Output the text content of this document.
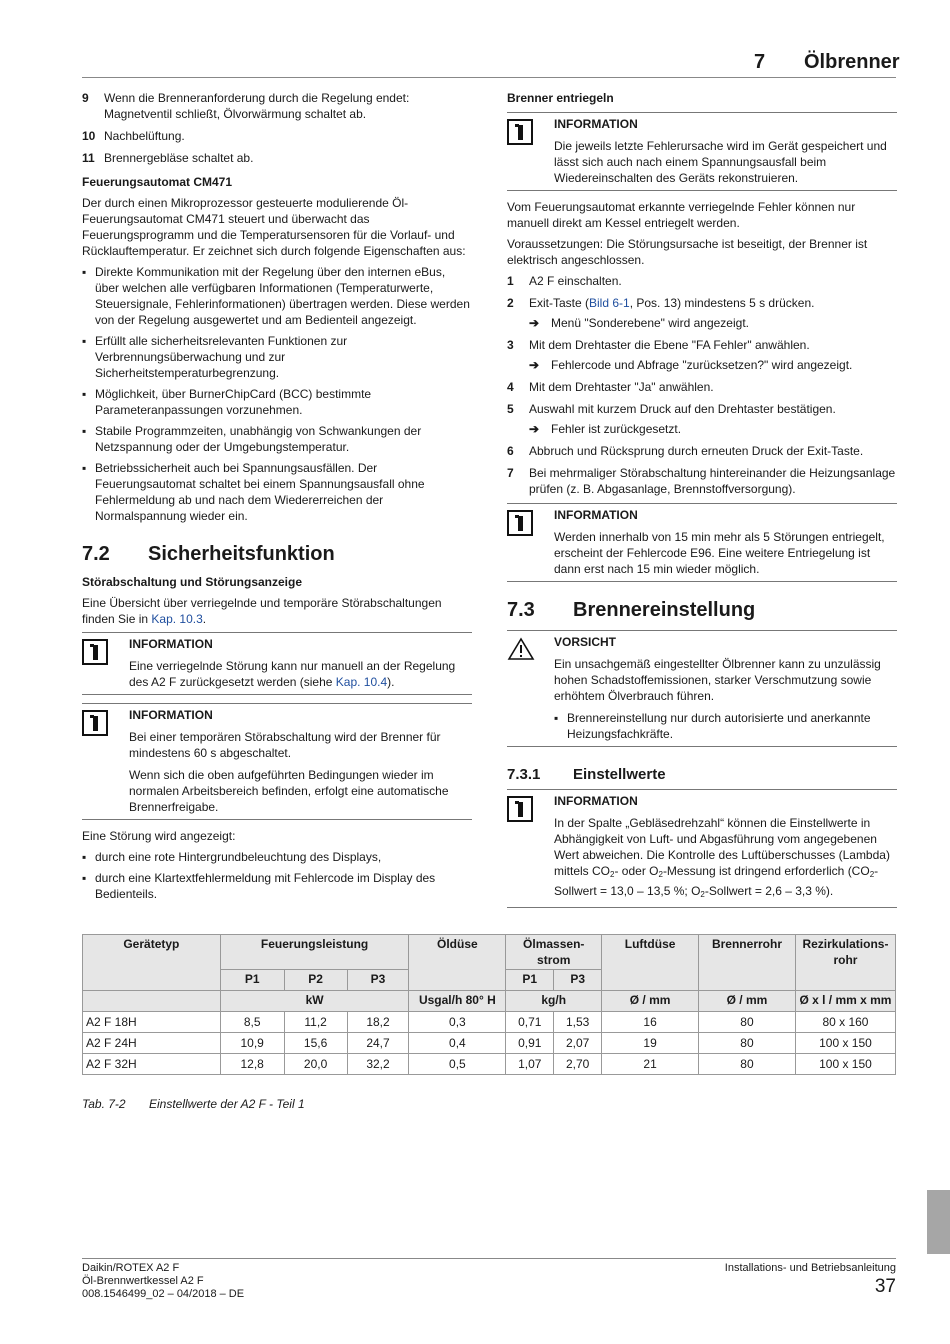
7 Ölbrenner
9	Wenn die Brenneranforderung durch die Regelung endet: Magnetventil schließt, Ölvorwärmung schaltet ab.
10 Nachbelüftung.
11 Brennergebläse schaltet ab.
Feuerungsautomat CM471
Der durch einen Mikroprozessor gesteuerte modulierende Öl-Feuerungsautomat CM471 steuert und überwacht das Feuerungsprogramm und die Temperatursensoren für die Vorlauf- und Rücklauftemperatur. Er zeichnet sich durch folgende Eigenschaften aus:
▪ Direkte Kommunikation mit der Regelung über den internen eBus, über welchen alle verfügbaren Informationen (Temperaturwerte, Steuersignale, Fehlerinformationen) übertragen werden. Diese werden von der Regelung ausgewertet und am Bedienteil angezeigt.
▪ Erfüllt alle sicherheitsrelevanten Funktionen zur Verbrennungsüberwachung und zur Sicherheitstemperaturbegrenzung.
▪ Möglichkeit, über BurnerChipCard (BCC) bestimmte Parameteranpassungen vorzunehmen.
▪ Stabile Programmzeiten, unabhängig von Schwankungen der Netzspannung oder der Umgebungstemperatur.
▪ Betriebssicherheit auch bei Spannungsausfällen. Der Feuerungsautomat schaltet bei einem Spannungsausfall ohne Fehlermeldung ab und nach dem Wiedererreichen der Normalspannung wieder ein.
7.2	Sicherheitsfunktion
Störabschaltung und Störungsanzeige
Eine Übersicht über verriegelnde und temporäre Störabschaltungen finden Sie in Kap. 10.3.
INFORMATION
Eine verriegelnde Störung kann nur manuell an der Regelung des A2 F zurückgesetzt werden (siehe Kap. 10.4).
INFORMATION
Bei einer temporären Störabschaltung wird der Brenner für mindestens 60 s abgeschaltet.
Wenn sich die oben aufgeführten Bedingungen wieder im normalen Arbeitsbereich befinden, erfolgt eine automatische Brennerfreigabe.
Eine Störung wird angezeigt:
▪ durch eine rote Hintergrundbeleuchtung des Displays,
▪ durch eine Klartextfehlermeldung mit Fehlercode im Display des Bedienteils.
Brenner entriegeln
INFORMATION
Die jeweils letzte Fehlerursache wird im Gerät gespeichert und lässt sich auch nach einem Spannungsausfall beim Wiedereinschalten des Geräts rekonstruieren.
Vom Feuerungsautomat erkannte verriegelnde Fehler können nur manuell direkt am Kessel entriegelt werden.
Voraussetzungen: Die Störungsursache ist beseitigt, der Brenner ist elektrisch angeschlossen.
1	A2 F einschalten.
2	Exit-Taste (Bild 6-1, Pos. 13) mindestens 5 s drücken.
➔ Menü "Sonderebene" wird angezeigt.
3	Mit dem Drehtaster die Ebene "FA Fehler" anwählen.
➔ Fehlercode und Abfrage "zurücksetzen?" wird angezeigt.
4	Mit dem Drehtaster "Ja" anwählen.
5	Auswahl mit kurzem Druck auf den Drehtaster bestätigen.
➔ Fehler ist zurückgesetzt.
6	Abbruch und Rücksprung durch erneuten Druck der Exit-Taste.
7	Bei mehrmaliger Störabschaltung hintereinander die Heizungsanlage prüfen (z. B. Abgasanlage, Brennstoffversorgung).
INFORMATION
Werden innerhalb von 15 min mehr als 5 Störungen entriegelt, erscheint der Fehlercode E96. Eine weitere Entriegelung ist dann erst nach 15 min wieder möglich.
7.3	Brennereinstellung
VORSICHT
Ein unsachgemäß eingestellter Ölbrenner kann zu unzulässig hohen Schadstoffemissionen, starker Verschmutzung sowie erhöhtem Ölverbrauch führen.
▪ Brennereinstellung nur durch autorisierte und anerkannte Heizungsfachkräfte.
7.3.1	Einstellwerte
INFORMATION
In der Spalte „Gebläsedrehzahl“ können die Einstellwerte in Abhängigkeit von Luft- und Abgasführung vom angegebenen Wert abweichen. Die Kontrolle des Luftüberschusses (Lambda) mittels $CO_2-$ oder $O_2$-Messung ist dringend erforderlich ($CO_2$-Sollwert = 13,0 – 13,5 %; $O_2$-Sollwert = 2,6 – 3,3 %).
Gerätetyp	Feuerungsleistung			Öldüse	Ölmassen-strom		Luftdüse	Brennerrohr	Rezirkulations-rohr
	P1	P2	P3		P1	P3			
	kW			Usgal/h 80° H	kg/h		Ø / mm	Ø / mm	Ø x l / mm x mm
A2 F 18H	8,5	11,2	18,2	0,3	0,71	1,53	16	80	80 x 160
A2 F 24H	10,9	15,6	24,7	0,4	0,91	2,07	19	80	100 x 150
A2 F 32H	12,8	20,0	32,2	0,5	1,07	2,70	21	80	100 x 150
Tab. 7-2	Einstellwerte der A2 F - Teil 1
Daikin/ROTEX A2 F
Öl-Brennwertkessel A2 F
008.1546499_02 – 04/2018 – DE
Installations- und Betriebsanleitung
37
